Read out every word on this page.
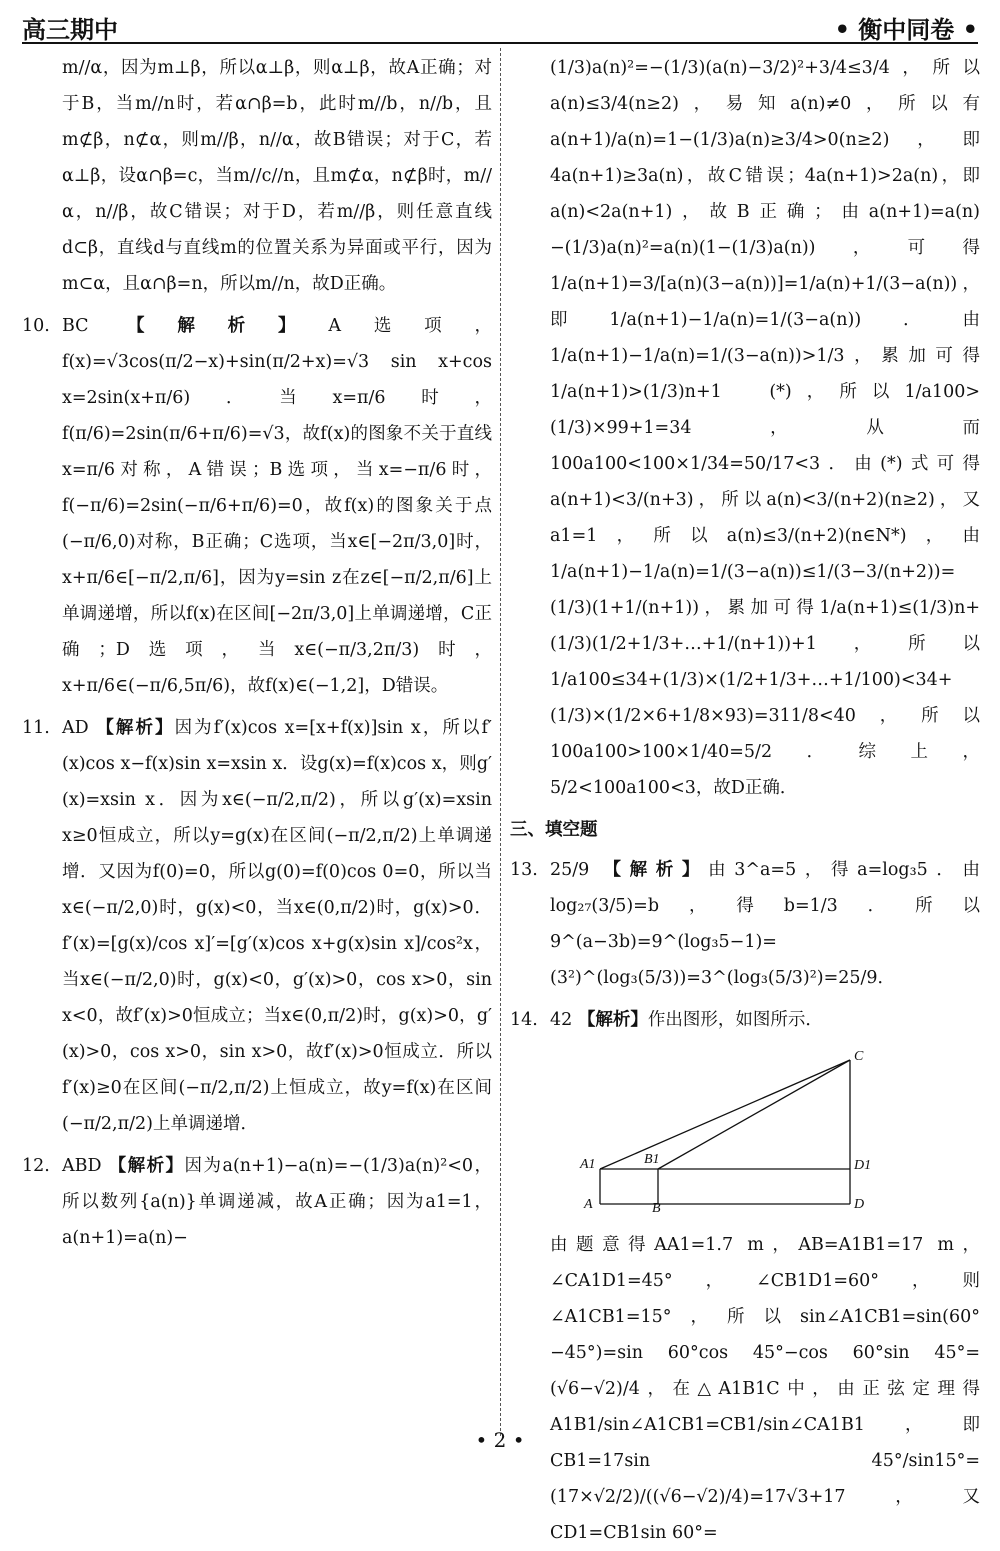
高三期中	• 衡中同卷 •
m//α，因为m⊥β，所以α⊥β，则α⊥β，故A正确；对于B，当m//n时，若α∩β=b，此时m//b，n//b，且m⊄β，n⊄α，则m//β，n//α，故B错误；对于C，若α⊥β，设α∩β=c，当m//c//n，且m⊄α，n⊄β时，m//α，n//β，故C错误；对于D，若m//β，则任意直线d⊂β，直线d与直线m的位置关系为异面或平行，因为m⊂α，且α∩β=n，所以m//n，故D正确。
10. BC 【解析】A选项，f(x)=√3cos(π/2−x)+sin(π/2+x)=√3 sin x+cos x=2sin(x+π/6)．当x=π/6时，f(π/6)=2sin(π/6+π/6)=√3，故f(x)的图象不关于直线x=π/6对称，A错误；B选项，当x=−π/6时，f(−π/6)=2sin(−π/6+π/6)=0，故f(x)的图象关于点(−π/6,0)对称，B正确；C选项，当x∈[−2π/3,0]时，x+π/6∈[−π/2,π/6]，因为y=sin z在z∈[−π/2,π/6]上单调递增，所以f(x)在区间[−2π/3,0]上单调递增，C正确；D选项，当x∈(−π/3,2π/3)时，x+π/6∈(−π/6,5π/6)，故f(x)∈(−1,2]，D错误。
11. AD 【解析】因为f′(x)cos x=[x+f(x)]sin x，所以f′(x)cos x−f(x)sin x=xsin x．设g(x)=f(x)cos x，则g′(x)=xsin x．因为x∈(−π/2,π/2)，所以g′(x)=xsin x≥0恒成立，所以y=g(x)在区间(−π/2,π/2)上单调递增．又因为f(0)=0，所以g(0)=f(0)cos 0=0，所以当x∈(−π/2,0)时，g(x)<0，当x∈(0,π/2)时，g(x)>0．f′(x)=[g(x)/cos x]′=[g′(x)cos x+g(x)sin x]/cos²x，当x∈(−π/2,0)时，g(x)<0，g′(x)>0，cos x>0，sin x<0，故f′(x)>0恒成立；当x∈(0,π/2)时，g(x)>0，g′(x)>0，cos x>0，sin x>0，故f′(x)>0恒成立．所以f′(x)≥0在区间(−π/2,π/2)上恒成立，故y=f(x)在区间(−π/2,π/2)上单调递增．
12. ABD 【解析】因为a(n+1)−a(n)=−(1/3)a(n)²<0，所以数列{a(n)}单调递减，故A正确；因为a1=1，a(n+1)=a(n)−
(1/3)a(n)²=−(1/3)(a(n)−3/2)²+3/4≤3/4，所以a(n)≤3/4(n≥2)，易知a(n)≠0，所以有a(n+1)/a(n)=1−(1/3)a(n)≥3/4>0(n≥2)，即4a(n+1)≥3a(n)，故C错误；4a(n+1)>2a(n)，即a(n)<2a(n+1)，故B正确；由a(n+1)=a(n)−(1/3)a(n)²=a(n)(1−(1/3)a(n))，可得1/a(n+1)=3/[a(n)(3−a(n))]=1/a(n)+1/(3−a(n))，即1/a(n+1)−1/a(n)=1/(3−a(n))．由1/a(n+1)−1/a(n)=1/(3−a(n))>1/3，累加可得1/a(n+1)>(1/3)n+1　(*)，所以1/a100>(1/3)×99+1=34，从而100a100<100×1/34=50/17<3．由(*)式可得a(n+1)<3/(n+3)，所以a(n)<3/(n+2)(n≥2)，又a1=1，所以a(n)≤3/(n+2)(n∈N*)，由1/a(n+1)−1/a(n)=1/(3−a(n))≤1/(3−3/(n+2))=(1/3)(1+1/(n+1))，累加可得1/a(n+1)≤(1/3)n+(1/3)(1/2+1/3+…+1/(n+1))+1，所以1/a100≤34+(1/3)×(1/2+1/3+…+1/100)<34+(1/3)×(1/2×6+1/8×93)=311/8<40，所以100a100>100×1/40=5/2．综上，5/2<100a100<3，故D正确．
三、填空题
13. 25/9 【解析】由3^a=5，得a=log₃5．由log₂₇(3/5)=b，得b=1/3．所以9^(a−3b)=9^(log₃5−1)=(3²)^(log₃(5/3))=3^(log₃(5/3)²)=25/9．
14. 42 【解析】作出图形，如图所示．
C
A1	B1	D1
A	B	D
由题意得AA1=1.7 m，AB=A1B1=17 m，∠CA1D1=45°，∠CB1D1=60°，则∠A1CB1=15°，所以sin∠A1CB1=sin(60°−45°)=sin 60°cos 45°−cos 60°sin 45°=(√6−√2)/4，在△A1B1C中，由正弦定理得A1B1/sin∠A1CB1=CB1/sin∠CA1B1，即CB1=17sin 45°/sin15°=(17×√2/2)/((√6−√2)/4)=17√3+17，又CD1=CB1sin 60°=
• 2 •
